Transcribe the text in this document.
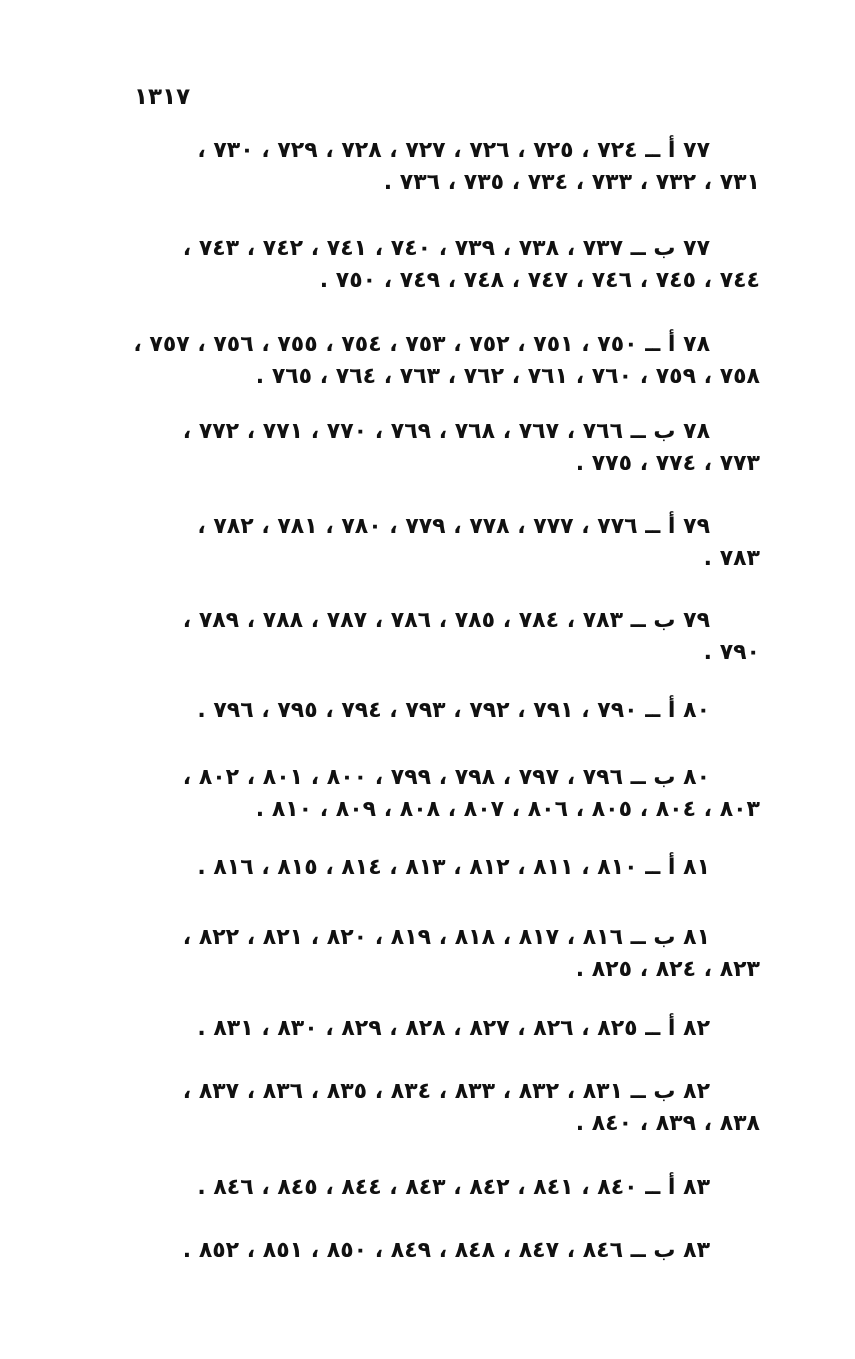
١٣١٧
٧٧ أ ــ ٧٢٤ ، ٧٢٥ ، ٧٢٦ ، ٧٢٧ ، ٧٢٨ ، ٧٢٩ ، ٧٣٠ ،
٧٣١ ، ٧٣٢ ، ٧٣٣ ، ٧٣٤ ، ٧٣٥ ، ٧٣٦ .
٧٧ ب ــ ٧٣٧ ، ٧٣٨ ، ٧٣٩ ، ٧٤٠ ، ٧٤١ ، ٧٤٢ ، ٧٤٣ ،
٧٤٤ ، ٧٤٥ ، ٧٤٦ ، ٧٤٧ ، ٧٤٨ ، ٧٤٩ ، ٧٥٠ .
٧٨ أ ــ ٧٥٠ ، ٧٥١ ، ٧٥٢ ، ٧٥٣ ، ٧٥٤ ، ٧٥٥ ، ٧٥٦ ، ٧٥٧ ،
٧٥٨ ، ٧٥٩ ، ٧٦٠ ، ٧٦١ ، ٧٦٢ ، ٧٦٣ ، ٧٦٤ ، ٧٦٥ .
٧٨ ب ــ ٧٦٦ ، ٧٦٧ ، ٧٦٨ ، ٧٦٩ ، ٧٧٠ ، ٧٧١ ، ٧٧٢ ،
٧٧٣ ، ٧٧٤ ، ٧٧٥ .
٧٩ أ ــ ٧٧٦ ، ٧٧٧ ، ٧٧٨ ، ٧٧٩ ، ٧٨٠ ، ٧٨١ ، ٧٨٢ ،
٧٨٣ .
٧٩ ب ــ ٧٨٣ ، ٧٨٤ ، ٧٨٥ ، ٧٨٦ ، ٧٨٧ ، ٧٨٨ ، ٧٨٩ ،
٧٩٠ .
٨٠ أ ــ ٧٩٠ ، ٧٩١ ، ٧٩٢ ، ٧٩٣ ، ٧٩٤ ، ٧٩٥ ، ٧٩٦ .
٨٠ ب ــ ٧٩٦ ، ٧٩٧ ، ٧٩٨ ، ٧٩٩ ، ٨٠٠ ، ٨٠١ ، ٨٠٢ ،
٨٠٣ ، ٨٠٤ ، ٨٠٥ ، ٨٠٦ ، ٨٠٧ ، ٨٠٨ ، ٨٠٩ ، ٨١٠ .
٨١ أ ــ ٨١٠ ، ٨١١ ، ٨١٢ ، ٨١٣ ، ٨١٤ ، ٨١٥ ، ٨١٦ .
٨١ ب ــ ٨١٦ ، ٨١٧ ، ٨١٨ ، ٨١٩ ، ٨٢٠ ، ٨٢١ ، ٨٢٢ ،
٨٢٣ ، ٨٢٤ ، ٨٢٥ .
٨٢ أ ــ ٨٢٥ ، ٨٢٦ ، ٨٢٧ ، ٨٢٨ ، ٨٢٩ ، ٨٣٠ ، ٨٣١ .
٨٢ ب ــ ٨٣١ ، ٨٣٢ ، ٨٣٣ ، ٨٣٤ ، ٨٣٥ ، ٨٣٦ ، ٨٣٧ ،
٨٣٨ ، ٨٣٩ ، ٨٤٠ .
٨٣ أ ــ ٨٤٠ ، ٨٤١ ، ٨٤٢ ، ٨٤٣ ، ٨٤٤ ، ٨٤٥ ، ٨٤٦ .
٨٣ ب ــ ٨٤٦ ، ٨٤٧ ، ٨٤٨ ، ٨٤٩ ، ٨٥٠ ، ٨٥١ ، ٨٥٢ .
